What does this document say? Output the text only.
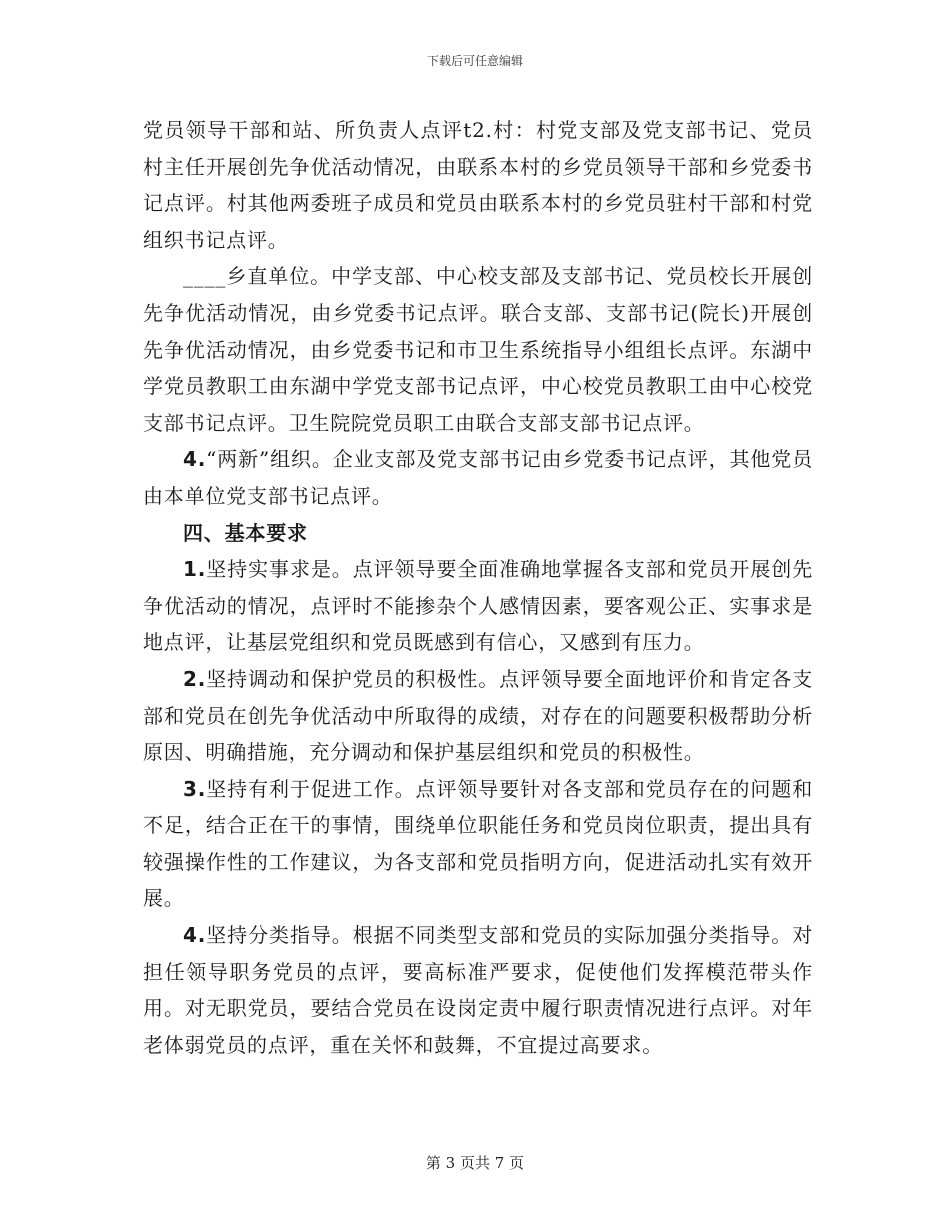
下载后可任意编辑

党员领导干部和站、所负责人点评t2.村：村党支部及党支部书记、党员村主任开展创先争优活动情况，由联系本村的乡党员领导干部和乡党委书记点评。村其他两委班子成员和党员由联系本村的乡党员驻村干部和村党组织书记点评。

____乡直单位。中学支部、中心校支部及支部书记、党员校长开展创先争优活动情况，由乡党委书记点评。联合支部、支部书记(院长)开展创先争优活动情况，由乡党委书记和市卫生系统指导小组组长点评。东湖中学党员教职工由东湖中学党支部书记点评，中心校党员教职工由中心校党支部书记点评。卫生院院党员职工由联合支部支部书记点评。

4.“两新”组织。企业支部及党支部书记由乡党委书记点评，其他党员由本单位党支部书记点评。

四、基本要求

1.坚持实事求是。点评领导要全面准确地掌握各支部和党员开展创先争优活动的情况，点评时不能掺杂个人感情因素，要客观公正、实事求是地点评，让基层党组织和党员既感到有信心，又感到有压力。

2.坚持调动和保护党员的积极性。点评领导要全面地评价和肯定各支部和党员在创先争优活动中所取得的成绩，对存在的问题要积极帮助分析原因、明确措施，充分调动和保护基层组织和党员的积极性。

3.坚持有利于促进工作。点评领导要针对各支部和党员存在的问题和不足，结合正在干的事情，围绕单位职能任务和党员岗位职责，提出具有较强操作性的工作建议，为各支部和党员指明方向，促进活动扎实有效开展。

4.坚持分类指导。根据不同类型支部和党员的实际加强分类指导。对担任领导职务党员的点评，要高标准严要求，促使他们发挥模范带头作用。对无职党员，要结合党员在设岗定责中履行职责情况进行点评。对年老体弱党员的点评，重在关怀和鼓舞，不宜提过高要求。

第 3 页共 7 页
